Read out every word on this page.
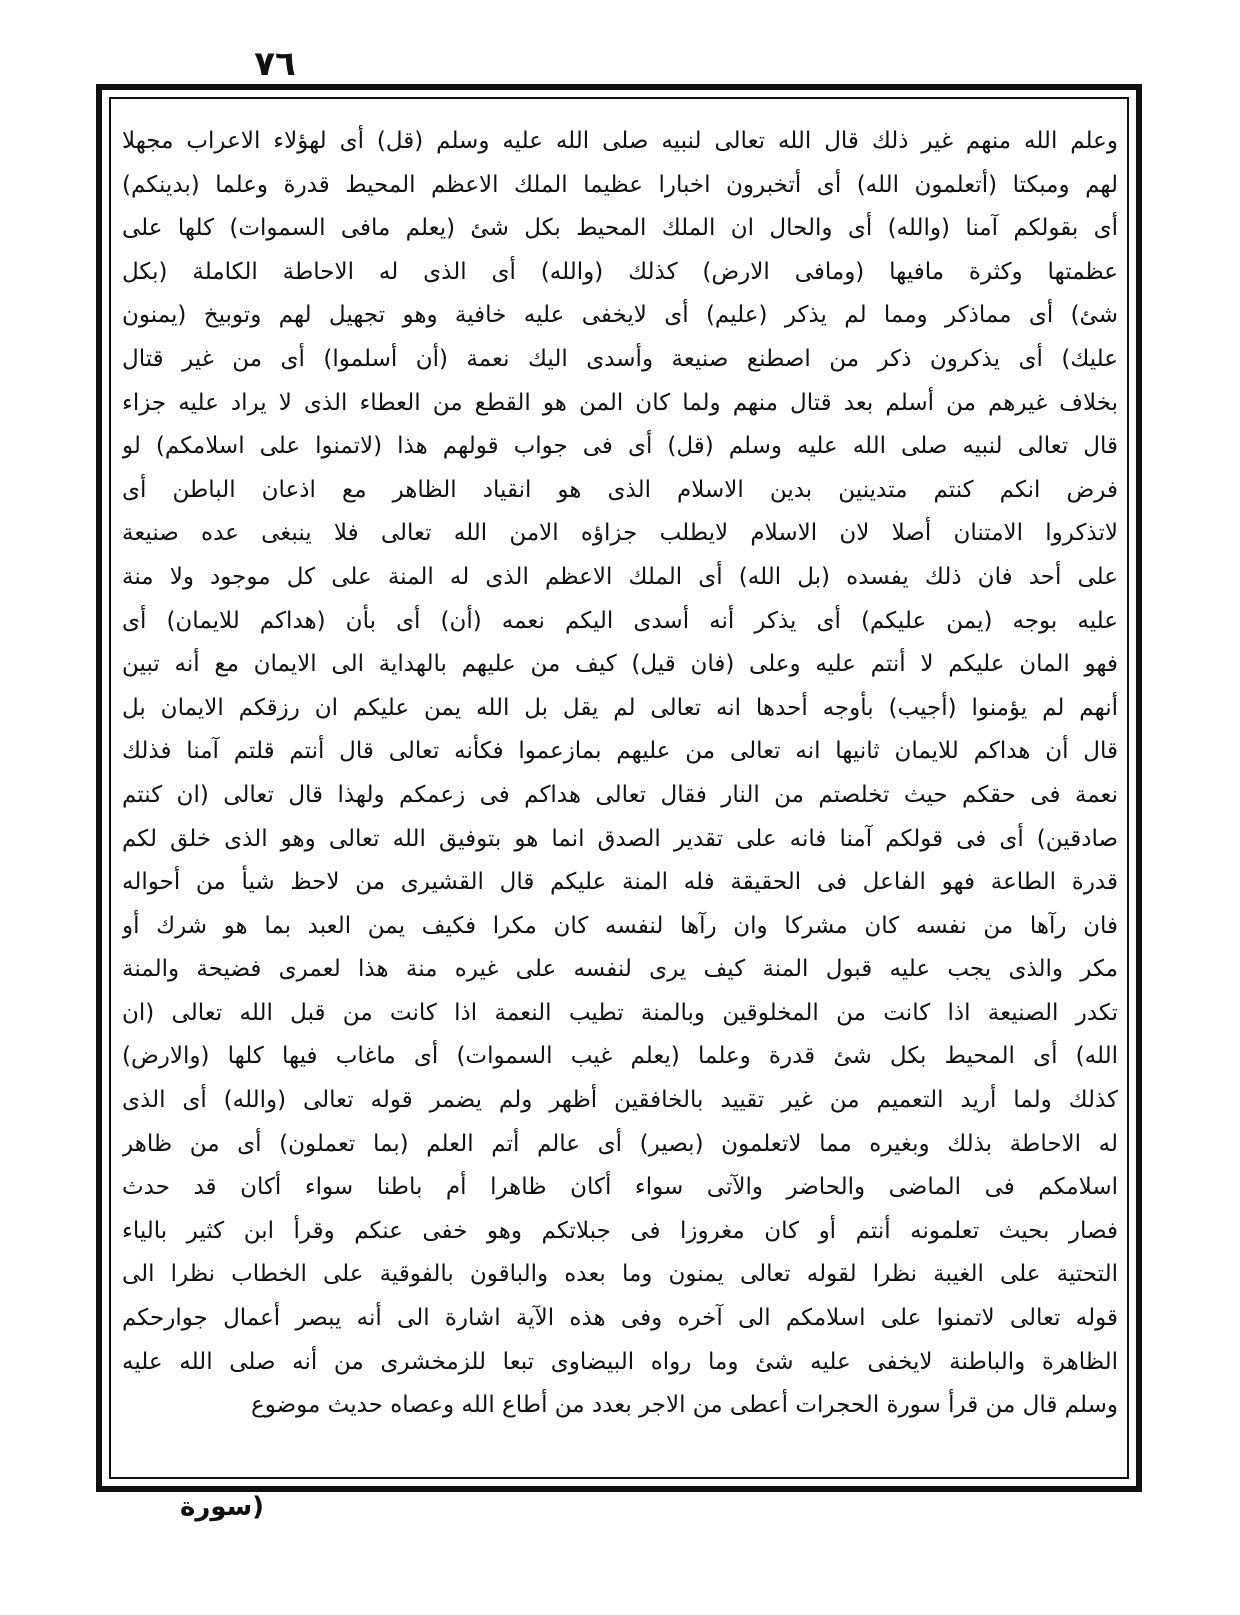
٧٦
وعلم الله منهم غير ذلك قال الله تعالى لنبيه صلى الله عليه وسلم (قل) أى لهؤلاء الاعراب مجهلا
لهم ومبكتا (أتعلمون الله) أى أتخبرون اخبارا عظيما الملك الاعظم المحيط قدرة وعلما (بدينكم)
أى بقولكم آمنا (والله) أى والحال ان الملك المحيط بكل شئ (يعلم مافى السموات) كلها على
عظمتها وكثرة مافيها (ومافى الارض) كذلك (والله) أى الذى له الاحاطة الكاملة (بكل
شئ) أى مماذكر ومما لم يذكر (عليم) أى لايخفى عليه خافية وهو تجهيل لهم وتوبيخ (يمنون
عليك) أى يذكرون ذكر من اصطنع صنيعة وأسدى اليك نعمة (أن أسلموا) أى من غير قتال
بخلاف غيرهم من أسلم بعد قتال منهم ولما كان المن هو القطع من العطاء الذى لا يراد عليه جزاء
قال تعالى لنبيه صلى الله عليه وسلم (قل) أى فى جواب قولهم هذا (لاتمنوا على اسلامكم) لو
فرض انكم كنتم متدينين بدين الاسلام الذى هو انقياد الظاهر مع اذعان الباطن أى
لاتذكروا الامتنان أصلا لان الاسلام لايطلب جزاؤه الامن الله تعالى فلا ينبغى عده صنيعة
على أحد فان ذلك يفسده (بل الله) أى الملك الاعظم الذى له المنة على كل موجود ولا منة
عليه بوجه (يمن عليكم) أى يذكر أنه أسدى اليكم نعمه (أن) أى بأن (هداكم للايمان) أى
فهو المان عليكم لا أنتم عليه وعلى (فان قيل) كيف من عليهم بالهداية الى الايمان مع أنه تبين
أنهم لم يؤمنوا (أجيب) بأوجه أحدها انه تعالى لم يقل بل الله يمن عليكم ان رزقكم الايمان بل
قال أن هداكم للايمان ثانيها انه تعالى من عليهم بمازعموا فكأنه تعالى قال أنتم قلتم آمنا فذلك
نعمة فى حقكم حيث تخلصتم من النار فقال تعالى هداكم فى زعمكم ولهذا قال تعالى (ان كنتم
صادقين) أى فى قولكم آمنا فانه على تقدير الصدق انما هو بتوفيق الله تعالى وهو الذى خلق لكم
قدرة الطاعة فهو الفاعل فى الحقيقة فله المنة عليكم قال القشيرى من لاحظ شيأ من أحواله
فان رآها من نفسه كان مشركا وان رآها لنفسه كان مكرا فكيف يمن العبد بما هو شرك أو
مكر والذى يجب عليه قبول المنة كيف يرى لنفسه على غيره منة هذا لعمرى فضيحة والمنة
تكدر الصنيعة اذا كانت من المخلوقين وبالمنة تطيب النعمة اذا كانت من قبل الله تعالى (ان
الله) أى المحيط بكل شئ قدرة وعلما (يعلم غيب السموات) أى ماغاب فيها كلها (والارض)
كذلك ولما أريد التعميم من غير تقييد بالخافقين أظهر ولم يضمر قوله تعالى (والله) أى الذى
له الاحاطة بذلك وبغيره مما لاتعلمون (بصير) أى عالم أتم العلم (بما تعملون) أى من ظاهر
اسلامكم فى الماضى والحاضر والآتى سواء أكان ظاهرا أم باطنا سواء أكان قد حدث
فصار بحيث تعلمونه أنتم أو كان مغروزا فى جبلاتكم وهو خفى عنكم وقرأ ابن كثير بالياء
التحتية على الغيبة نظرا لقوله تعالى يمنون وما بعده والباقون بالفوقية على الخطاب نظرا الى
قوله تعالى لاتمنوا على اسلامكم الى آخره وفى هذه الآية اشارة الى أنه يبصر أعمال جوارحكم
الظاهرة والباطنة لايخفى عليه شئ وما رواه البيضاوى تبعا للزمخشرى من أنه صلى الله عليه
وسلم قال من قرأ سورة الحجرات أعطى من الاجر بعدد من أطاع الله وعصاه حديث موضوع
(سورة
